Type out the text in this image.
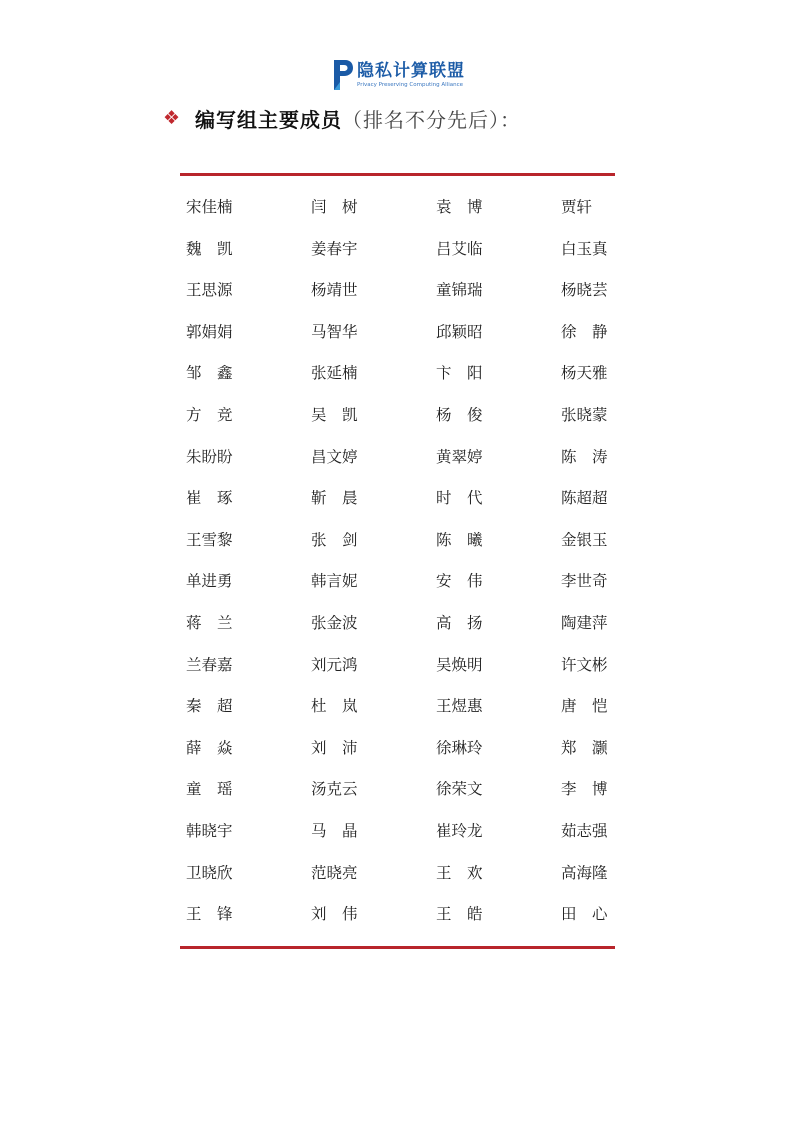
隐私计算联盟
Privacy Preserving Computing Alliance
❖ 编写组主要成员 （排名不分先后）：
宋佳楠	闫　树	袁　博	贾轩
魏　凯	姜春宇	吕艾临	白玉真
王思源	杨靖世	童锦瑞	杨晓芸
郭娟娟	马智华	邱颖昭	徐　静
邹　鑫	张延楠	卞　阳	杨天雅
方　竞	吴　凯	杨　俊	张晓蒙
朱盼盼	昌文婷	黄翠婷	陈　涛
崔　琢	靳　晨	时　代	陈超超
王雪黎	张　剑	陈　曦	金银玉
单进勇	韩言妮	安　伟	李世奇
蒋　兰	张金波	高　扬	陶建萍
兰春嘉	刘元鸿	吴焕明	许文彬
秦　超	杜　岚	王煜惠	唐　恺
薛　焱	刘　沛	徐琳玲	郑　灏
童　瑶	汤克云	徐荣文	李　博
韩晓宇	马　晶	崔玲龙	茹志强
卫晓欣	范晓亮	王　欢	高海隆
王　锋	刘　伟	王　皓	田　心
